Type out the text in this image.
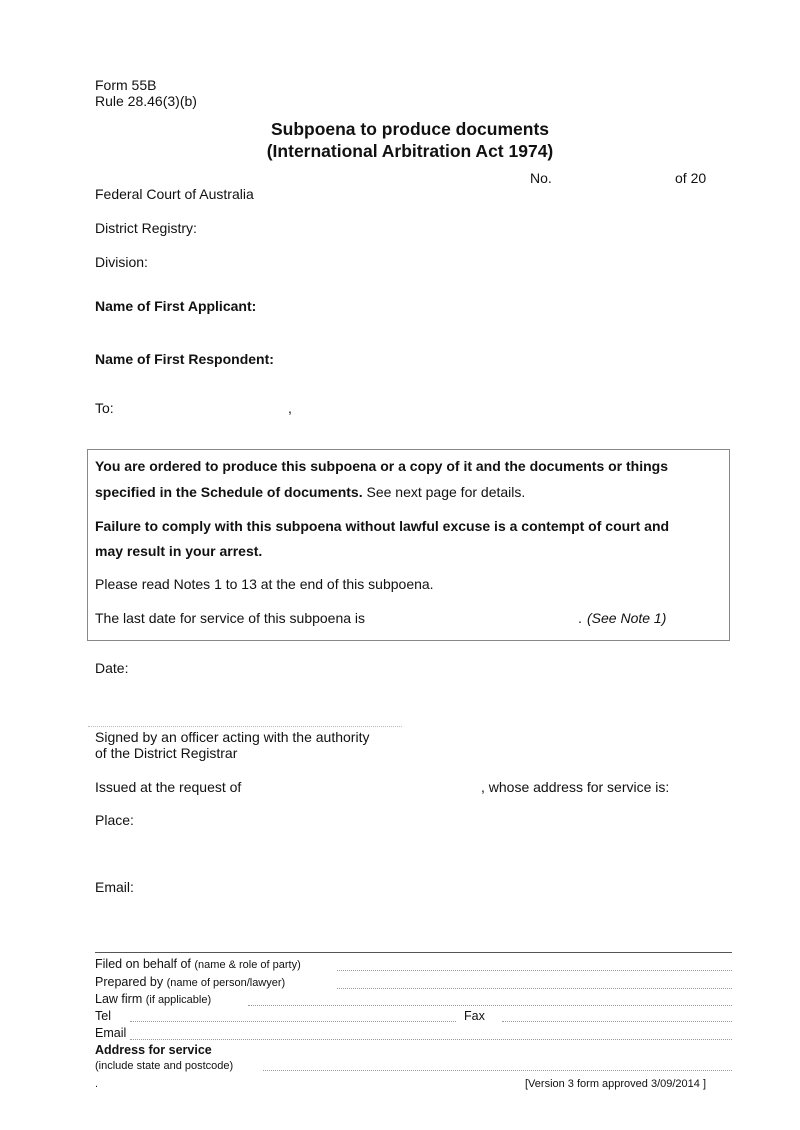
Form 55B
Rule 28.46(3)(b)
Subpoena to produce documents
(International Arbitration Act 1974)
No.	of 20
Federal Court of Australia
District Registry:
Division:
Name of First Applicant:
Name of First Respondent:
To:	,
You are ordered to produce this subpoena or a copy of it and the documents or things
specified in the Schedule of documents. See next page for details.
Failure to comply with this subpoena without lawful excuse is a contempt of court and
may result in your arrest.
Please read Notes 1 to 13 at the end of this subpoena.
The last date for service of this subpoena is	. (See Note 1)
Date:
Signed by an officer acting with the authority
of the District Registrar
Issued at the request of	, whose address for service is:
Place:
Email:
Filed on behalf of (name & role of party)
Prepared by (name of person/lawyer)
Law firm (if applicable)
Tel	Fax
Email
Address for service
(include state and postcode)
.	[Version 3 form approved 3/09/2014 ]
